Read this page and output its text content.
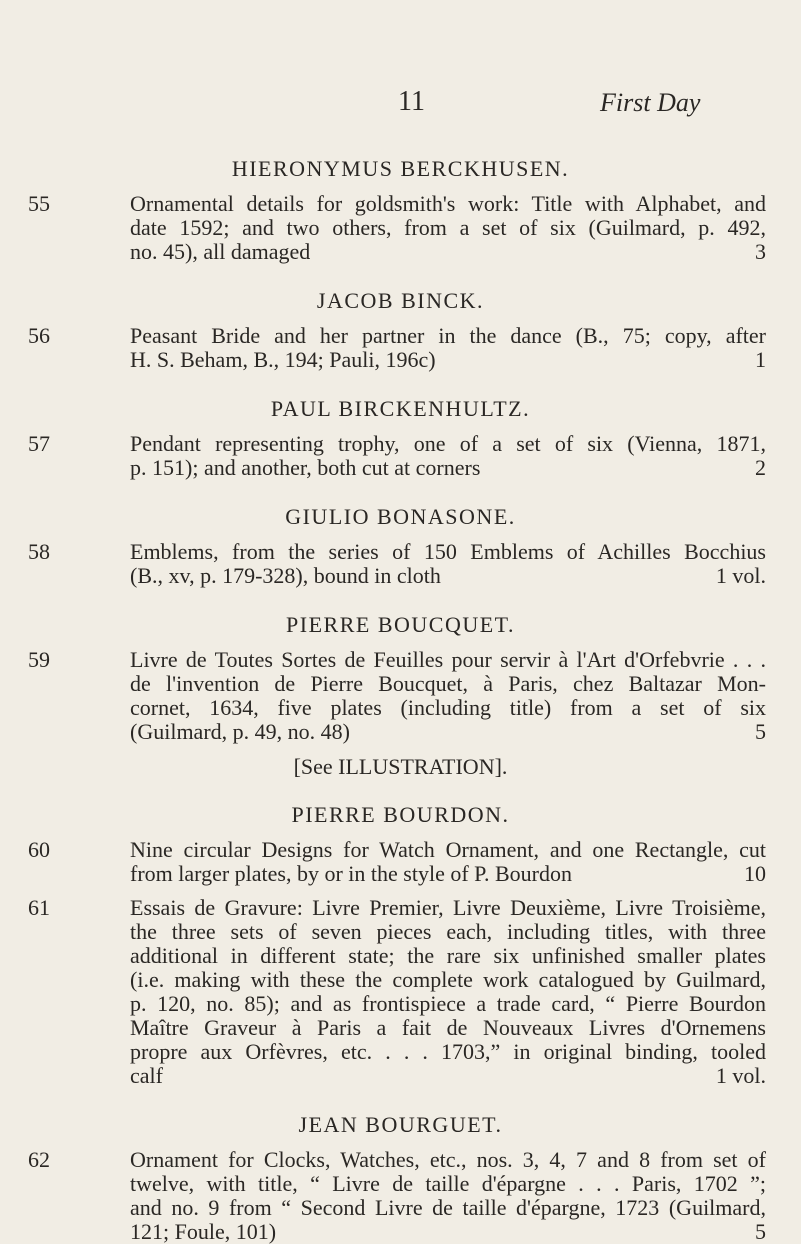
11	First Day
HIERONYMUS BERCKHUSEN.
55	Ornamental details for goldsmith's work: Title with Alphabet, and
date 1592; and two others, from a set of six (Guilmard, p. 492,
no. 45), all damaged	3
JACOB BINCK.
56	Peasant Bride and her partner in the dance (B., 75; copy, after
H. S. Beham, B., 194; Pauli, 196c)	1
PAUL BIRCKENHULTZ.
57	Pendant representing trophy, one of a set of six (Vienna, 1871,
p. 151); and another, both cut at corners	2
GIULIO BONASONE.
58	Emblems, from the series of 150 Emblems of Achilles Bocchius
(B., xv, p. 179-328), bound in cloth	1 vol.
PIERRE BOUCQUET.
59	Livre de Toutes Sortes de Feuilles pour servir à l'Art d'Orfebvrie . . .
de l'invention de Pierre Boucquet, à Paris, chez Baltazar Mon-
cornet, 1634, five plates (including title) from a set of six
(Guilmard, p. 49, no. 48)	5
[See ILLUSTRATION].
PIERRE BOURDON.
60	Nine circular Designs for Watch Ornament, and one Rectangle, cut
from larger plates, by or in the style of P. Bourdon	10
61	Essais de Gravure: Livre Premier, Livre Deuxième, Livre Troisième,
the three sets of seven pieces each, including titles, with three
additional in different state; the rare six unfinished smaller plates
(i.e. making with these the complete work catalogued by Guilmard,
p. 120, no. 85); and as frontispiece a trade card, “ Pierre Bourdon
Maître Graveur à Paris a fait de Nouveaux Livres d'Ornemens
propre aux Orfèvres, etc. . . . 1703,” in original binding, tooled
calf	1 vol.
JEAN BOURGUET.
62	Ornament for Clocks, Watches, etc., nos. 3, 4, 7 and 8 from set of
twelve, with title, “ Livre de taille d'épargne . . . Paris, 1702 ”;
and no. 9 from “ Second Livre de taille d'épargne, 1723 (Guilmard,
121; Foule, 101)	5
